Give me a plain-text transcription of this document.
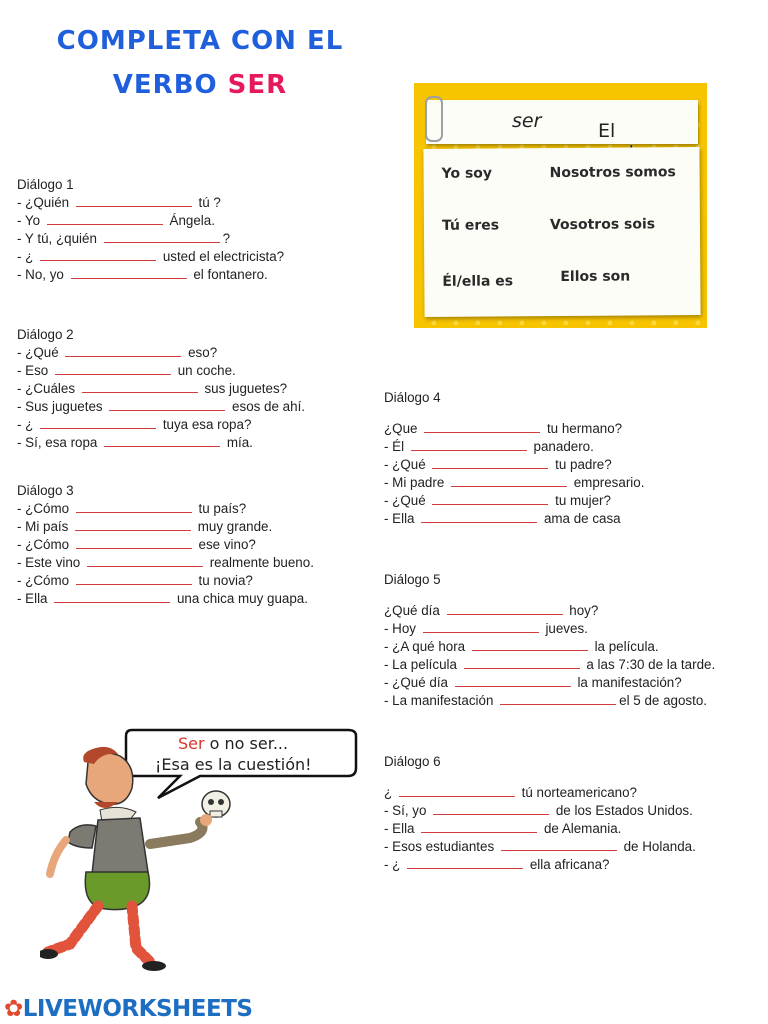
COMPLETA CON EL
VERBO SER
El
ser
Yo soy	Nosotros somos
Tú eres	Vosotros sois
Él/ella es	Ellos son
Diálogo 1
- ¿Quién	tú ?
- Yo	Ángela.
- Y tú, ¿quién	?
- ¿	usted el electricista?
- No, yo	el fontanero.
Diálogo 2
- ¿Qué	eso?
- Eso	un coche.
- ¿Cuáles	sus juguetes?
- Sus juguetes	esos de ahí.
- ¿	tuya esa ropa?
- Sí, esa ropa	mía.
Diálogo 3
- ¿Cómo	tu país?
- Mi país	muy grande.
- ¿Cómo	ese vino?
- Este vino	realmente bueno.
- ¿Cómo	tu novia?
- Ella	una chica muy guapa.
Diálogo 4
¿Que	tu hermano?
- Él	panadero.
- ¿Qué	tu padre?
- Mi padre	empresario.
- ¿Qué	tu mujer?
- Ella	ama de casa
Diálogo 5
¿Qué día	hoy?
- Hoy	jueves.
- ¿A qué hora	la película.
- La película	a las 7:30 de la tarde.
- ¿Qué día	la manifestación?
- La manifestación	el 5 de agosto.
Diálogo 6
¿	tú norteamericano?
- Sí, yo	de los Estados Unidos.
- Ella	de Alemania.
- Esos estudiantes	de Holanda.
- ¿	ella africana?
Ser o no ser...
¡Esa es la cuestión!
✿LIVEWORKSHEETS
